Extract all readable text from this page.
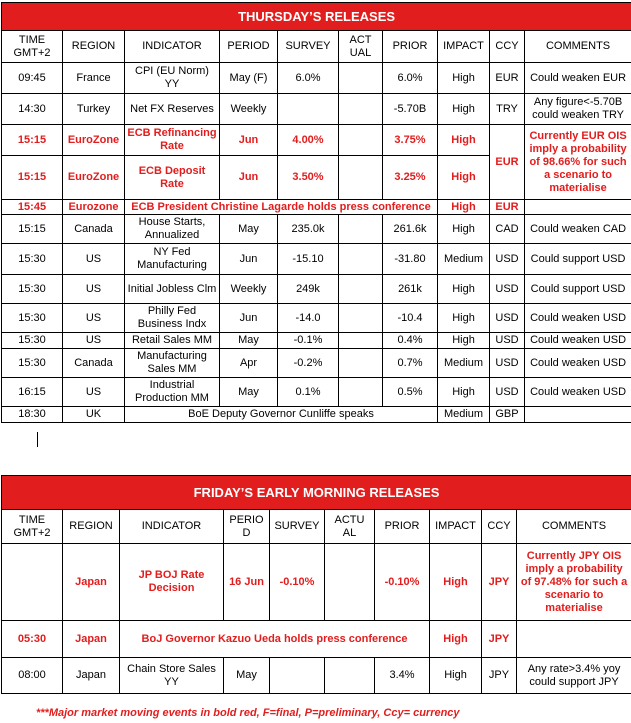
THURSDAY’S RELEASES									
TIME GMT+2	REGION	INDICATOR	PERIOD	SURVEY	ACT UAL	PRIOR	IMPACT	CCY	COMMENTS
09:45	France	CPI (EU Norm) YY	May (F)	6.0%		6.0%	High	EUR	Could weaken EUR
14:30	Turkey	Net FX Reserves	Weekly			-5.70B	High	TRY	Any figure<-5.70B could weaken TRY
15:15	EuroZone	ECB Refinancing Rate	Jun	4.00%		3.75%	High	EUR	Currently EUR OIS imply a probability of 98.66% for such a scenario to materialise
15:15	EuroZone	ECB Deposit Rate	Jun	3.50%		3.25%	High		
15:45	Eurozone	ECB President Christine Lagarde holds press conference					High	EUR	
15:15	Canada	House Starts, Annualized	May	235.0k		261.6k	High	CAD	Could weaken CAD
15:30	US	NY Fed Manufacturing	Jun	-15.10		-31.80	Medium	USD	Could support USD
15:30	US	Initial Jobless Clm	Weekly	249k		261k	High	USD	Could support USD
15:30	US	Philly Fed Business Indx	Jun	-14.0		-10.4	High	USD	Could weaken USD
15:30	US	Retail Sales MM	May	-0.1%		0.4%	High	USD	Could weaken USD
15:30	Canada	Manufacturing Sales MM	Apr	-0.2%		0.7%	Medium	USD	Could weaken USD
16:15	US	Industrial Production MM	May	0.1%		0.5%	High	USD	Could weaken USD
18:30	UK	BoE Deputy Governor Cunliffe speaks					Medium	GBP	
FRIDAY’S EARLY MORNING RELEASES									
TIME GMT+2	REGION	INDICATOR	PERIO D	SURVEY	ACTU AL	PRIOR	IMPACT	CCY	COMMENTS
	Japan	JP BOJ Rate Decision	16 Jun	-0.10%		-0.10%	High	JPY	Currently JPY OIS imply a probability of 97.48% for such a scenario to materialise
05:30	Japan	BoJ Governor Kazuo Ueda holds press conference					High	JPY	
08:00	Japan	Chain Store Sales YY	May			3.4%	High	JPY	Any rate>3.4% yoy could support JPY
***Major market moving events in bold red, F=final, P=preliminary, Ccy= currency
